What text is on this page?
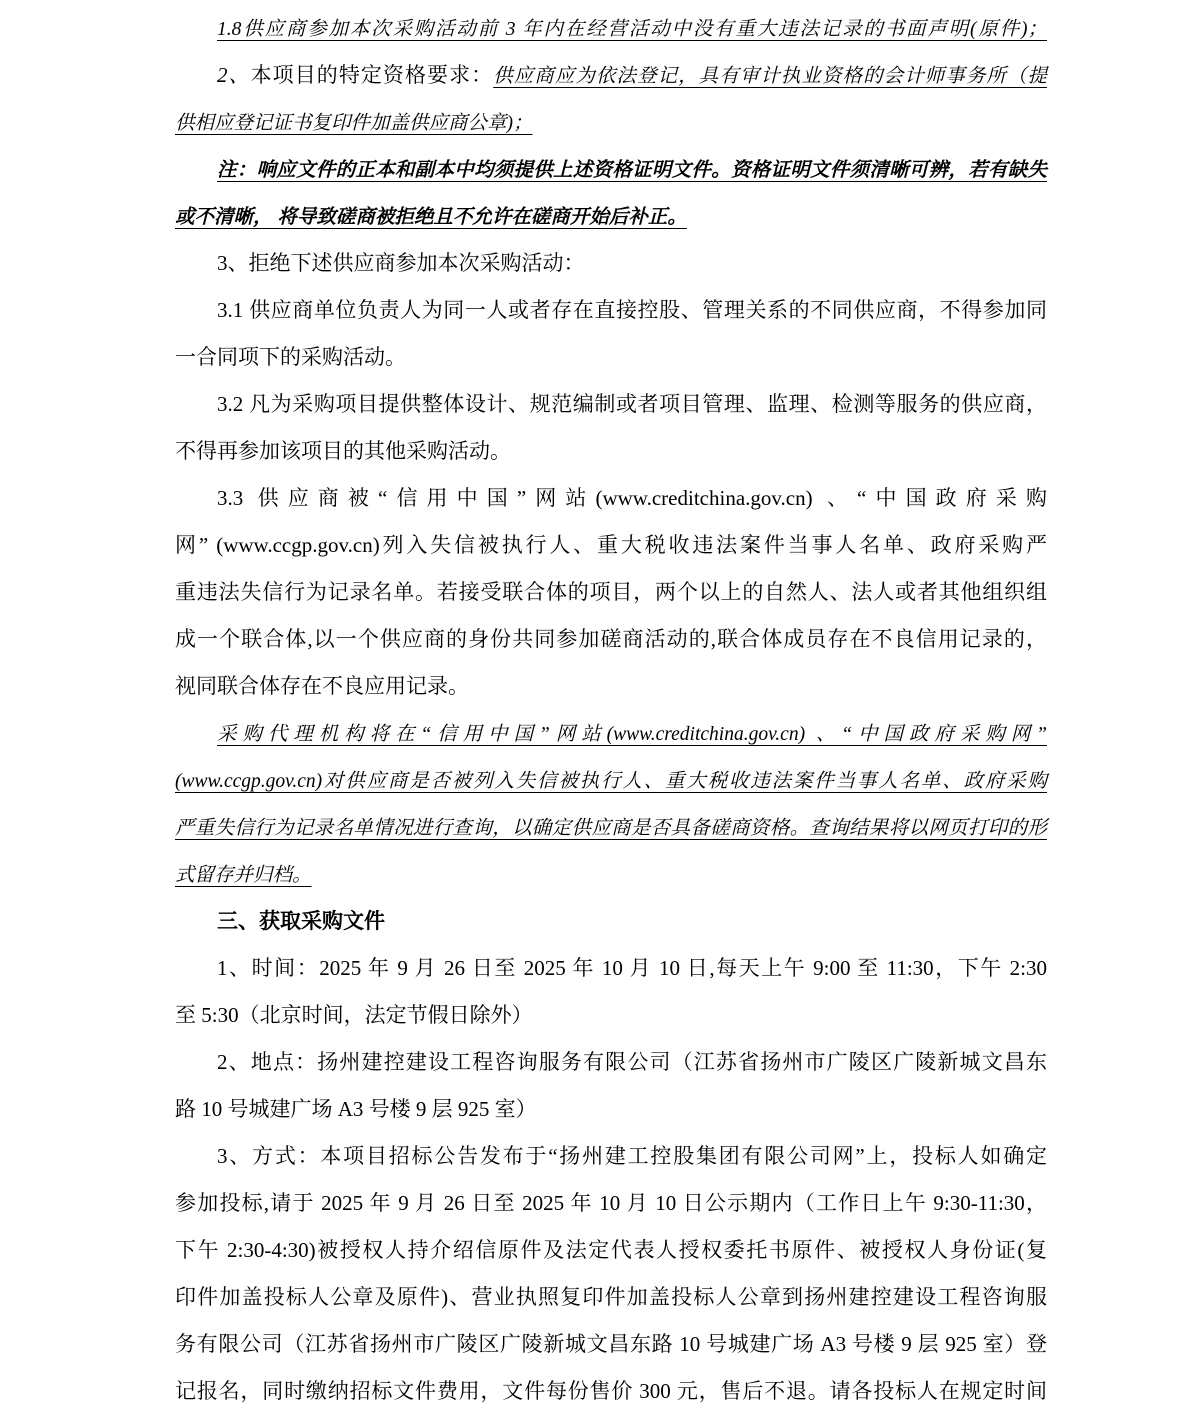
1.8供应商参加本次采购活动前 3 年内在经营活动中没有重大违法记录的书面声明(原件)；
2、本项目的特定资格要求：供应商应为依法登记，具有审计执业资格的会计师事务所（提
供相应登记证书复印件加盖供应商公章)；
注：响应文件的正本和副本中均须提供上述资格证明文件。资格证明文件须清晰可辨，若有缺失
或不清晰， 将导致磋商被拒绝且不允许在磋商开始后补正。
3、拒绝下述供应商参加本次采购活动：
3.1 供应商单位负责人为同一人或者存在直接控股、管理关系的不同供应商，不得参加同
一合同项下的采购活动。
3.2 凡为采购项目提供整体设计、规范编制或者项目管理、监理、检测等服务的供应商，
不得再参加该项目的其他采购活动。
3.3 供应商被“信用中国”网站(www.creditchina.gov.cn) 、“中国政府采购
网” (www.ccgp.gov.cn)列入失信被执行人、重大税收违法案件当事人名单、政府采购严
重违法失信行为记录名单。若接受联合体的项目，两个以上的自然人、法人或者其他组织组
成一个联合体,以一个供应商的身份共同参加磋商活动的,联合体成员存在不良信用记录的，
视同联合体存在不良应用记录。
采购代理机构将在“信用中国”网站(www.creditchina.gov.cn) 、“中国政府采购网”
(www.ccgp.gov.cn)对供应商是否被列入失信被执行人、重大税收违法案件当事人名单、政府采购
严重失信行为记录名单情况进行查询，以确定供应商是否具备磋商资格。查询结果将以网页打印的形
式留存并归档。
三、获取采购文件
1、时间：2025 年 9 月 26 日至 2025 年 10 月 10 日,每天上午 9:00 至 11:30，下午 2:30
至 5:30（北京时间，法定节假日除外）
2、地点：扬州建控建设工程咨询服务有限公司（江苏省扬州市广陵区广陵新城文昌东
路 10 号城建广场 A3 号楼 9 层 925 室）
3、方式：本项目招标公告发布于“扬州建工控股集团有限公司网”上，投标人如确定
参加投标,请于 2025 年 9 月 26 日至 2025 年 10 月 10 日公示期内（工作日上午 9:30-11:30，
下午 2:30-4:30)被授权人持介绍信原件及法定代表人授权委托书原件、被授权人身份证(复
印件加盖投标人公章及原件)、营业执照复印件加盖投标人公章到扬州建控建设工程咨询服
务有限公司（江苏省扬州市广陵区广陵新城文昌东路 10 号城建广场 A3 号楼 9 层 925 室）登
记报名，同时缴纳招标文件费用，文件每份售价 300 元，售后不退。请各投标人在规定时间
